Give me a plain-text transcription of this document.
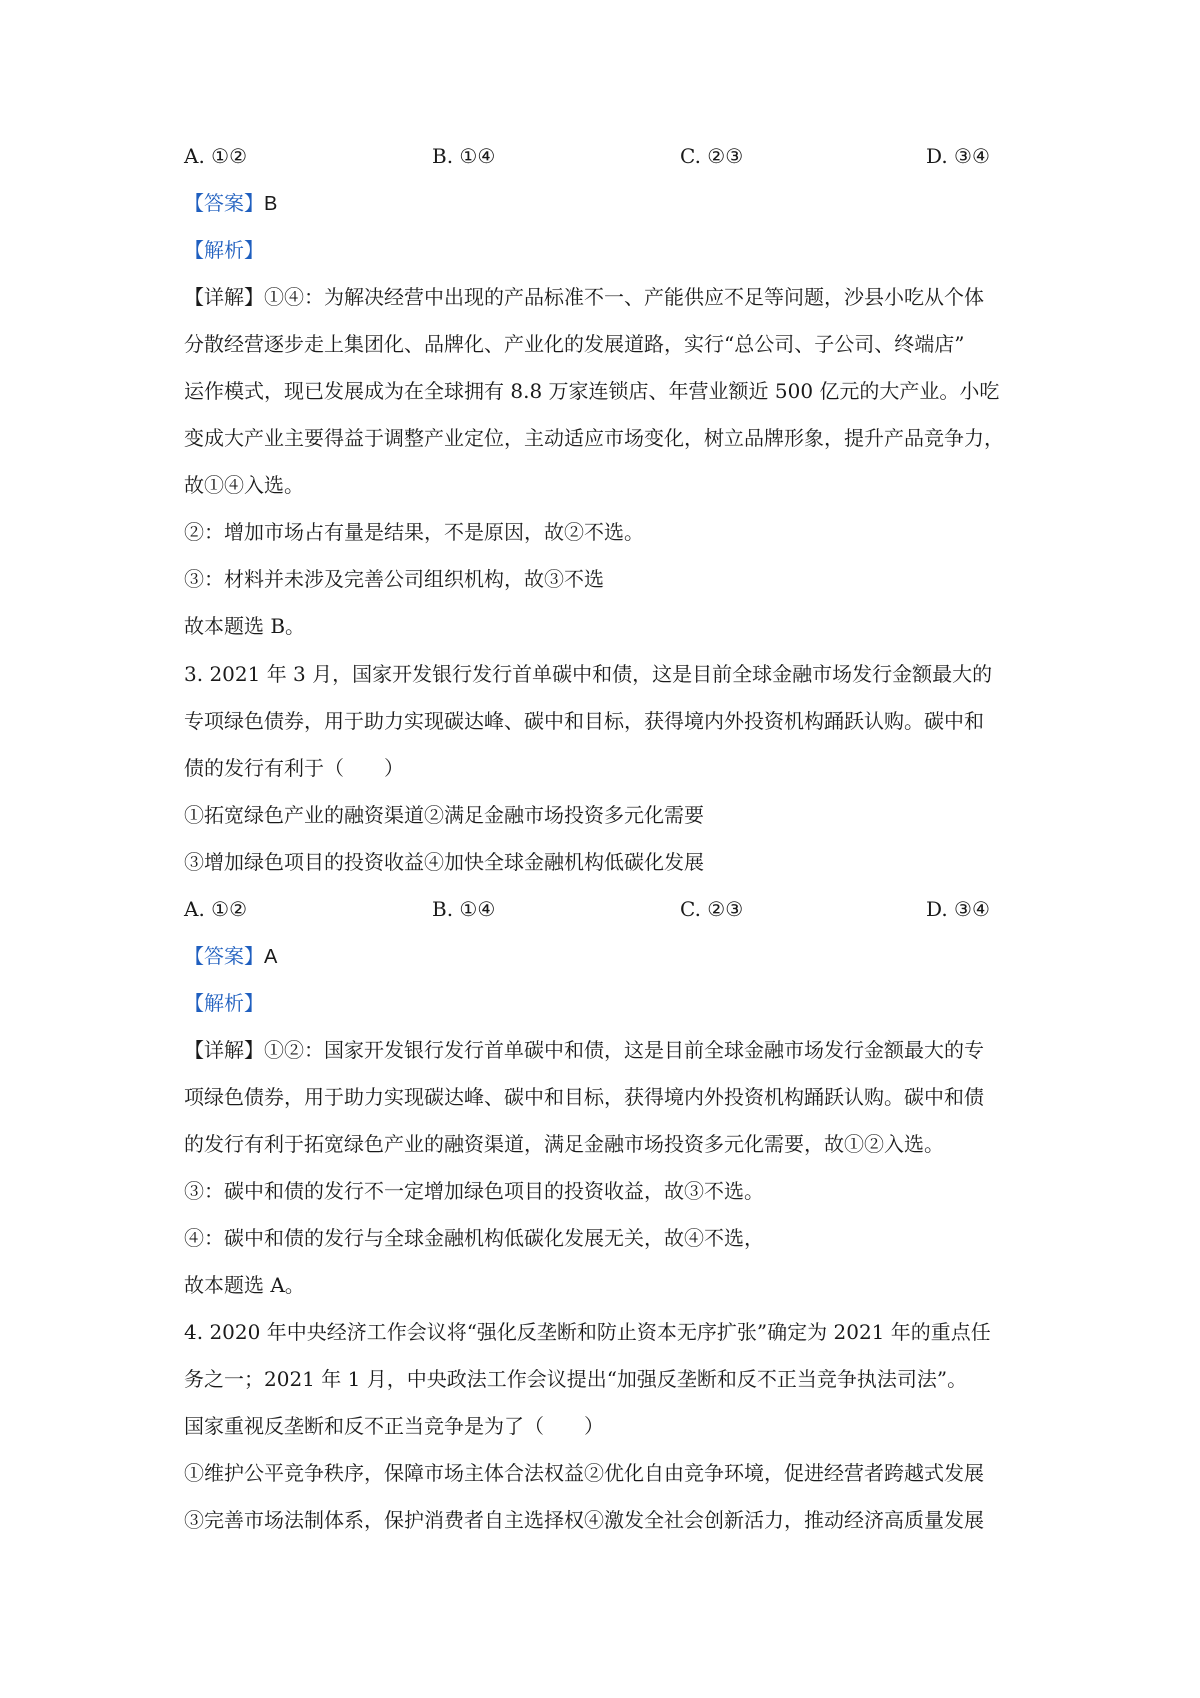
A. ①②	B. ①④	C. ②③	D. ③④
【答案】B
【解析】
【详解】①④：为解决经营中出现的产品标准不一、产能供应不足等问题，沙县小吃从个体
分散经营逐步走上集团化、品牌化、产业化的发展道路，实行“总公司、子公司、终端店”
运作模式，现已发展成为在全球拥有 8.8 万家连锁店、年营业额近 500 亿元的大产业。小吃
变成大产业主要得益于调整产业定位，主动适应市场变化，树立品牌形象，提升产品竞争力，
故①④入选。
②：增加市场占有量是结果，不是原因，故②不选。
③：材料并未涉及完善公司组织机构，故③不选
故本题选 B。
3. 2021 年 3 月，国家开发银行发行首单碳中和债，这是目前全球金融市场发行金额最大的
专项绿色债券，用于助力实现碳达峰、碳中和目标，获得境内外投资机构踊跃认购。碳中和
债的发行有利于（　　）
①拓宽绿色产业的融资渠道②满足金融市场投资多元化需要
③增加绿色项目的投资收益④加快全球金融机构低碳化发展
A. ①②	B. ①④	C. ②③	D. ③④
【答案】A
【解析】
【详解】①②：国家开发银行发行首单碳中和债，这是目前全球金融市场发行金额最大的专
项绿色债券，用于助力实现碳达峰、碳中和目标，获得境内外投资机构踊跃认购。碳中和债
的发行有利于拓宽绿色产业的融资渠道，满足金融市场投资多元化需要，故①②入选。
③：碳中和债的发行不一定增加绿色项目的投资收益，故③不选。
④：碳中和债的发行与全球金融机构低碳化发展无关，故④不选，
故本题选 A。
4. 2020 年中央经济工作会议将“强化反垄断和防止资本无序扩张”确定为 2021 年的重点任
务之一；2021 年 1 月，中央政法工作会议提出“加强反垄断和反不正当竞争执法司法”。
国家重视反垄断和反不正当竞争是为了（　　）
①维护公平竞争秩序，保障市场主体合法权益②优化自由竞争环境，促进经营者跨越式发展
③完善市场法制体系，保护消费者自主选择权④激发全社会创新活力，推动经济高质量发展
